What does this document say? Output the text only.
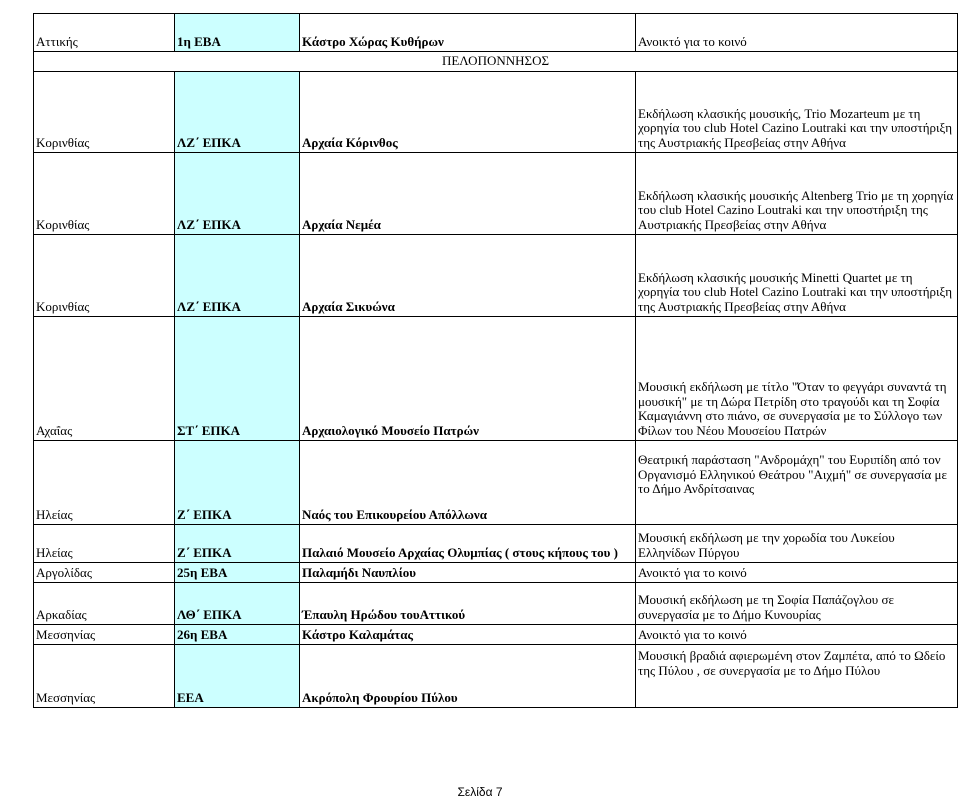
Αττικής	1η ΕΒΑ	Κάστρο Χώρας Κυθήρων	Ανοικτό για το κοινό
ΠΕΛΟΠΟΝΝΗΣΟΣ			
Κορινθίας	ΛΖ΄ ΕΠΚΑ	Αρχαία Κόρινθος	Εκδήλωση κλασικής μουσικής, Trio Mozarteum με τη χορηγία του club Hotel Cazino Loutraki και την υποστήριξη της Αυστριακής Πρεσβείας στην Αθήνα
Κορινθίας	ΛΖ΄ ΕΠΚΑ	Αρχαία Νεμέα	Εκδήλωση κλασικής μουσικής Altenberg Trio με τη χορηγία του club Hotel Cazino Loutraki και την υποστήριξη της Αυστριακής Πρεσβείας στην Αθήνα
Κορινθίας	ΛΖ΄ ΕΠΚΑ	Αρχαία Σικυώνα	Εκδήλωση κλασικής μουσικής Minetti Quartet με τη χορηγία του club Hotel Cazino Loutraki και την υποστήριξη της Αυστριακής Πρεσβείας στην Αθήνα
Αχαΐας	ΣΤ΄ ΕΠΚΑ	Αρχαιολογικό Μουσείο Πατρών	Μουσική εκδήλωση με τίτλο "Όταν το φεγγάρι συναντά τη μουσική" με τη Δώρα Πετρίδη στο τραγούδι και τη Σοφία Καμαγιάννη στο πιάνο, σε συνεργασία με το Σύλλογο των Φίλων του Νέου Μουσείου Πατρών
Ηλείας	Ζ΄ ΕΠΚΑ	Ναός του Επικουρείου Απόλλωνα	Θεατρική παράσταση "Ανδρομάχη" του Ευριπίδη από τον Οργανισμό Ελληνικού Θεάτρου "Αιχμή" σε συνεργασία με το Δήμο Ανδρίτσαινας
Ηλείας	Ζ΄ ΕΠΚΑ	Παλαιό Μουσείο Αρχαίας Ολυμπίας ( στους κήπους του )	Μουσική εκδήλωση με την χορωδία του Λυκείου Ελληνίδων Πύργου
Αργολίδας	25η ΕΒΑ	Παλαμήδι Ναυπλίου	Ανοικτό για το κοινό
Αρκαδίας	ΛΘ΄ ΕΠΚΑ	Έπαυλη Ηρώδου τουΑττικού	Μουσική εκδήλωση με τη Σοφία Παπάζογλου σε συνεργασία με το Δήμο Κυνουρίας
Μεσσηνίας	26η ΕΒΑ	Κάστρο Καλαμάτας	Ανοικτό για το κοινό
Μεσσηνίας	ΕΕΑ	Ακρόπολη Φρουρίου Πύλου	Μουσική βραδιά αφιερωμένη στον Ζαμπέτα, από το Ωδείο της Πύλου , σε συνεργασία με το Δήμο Πύλου
Σελίδα 7
